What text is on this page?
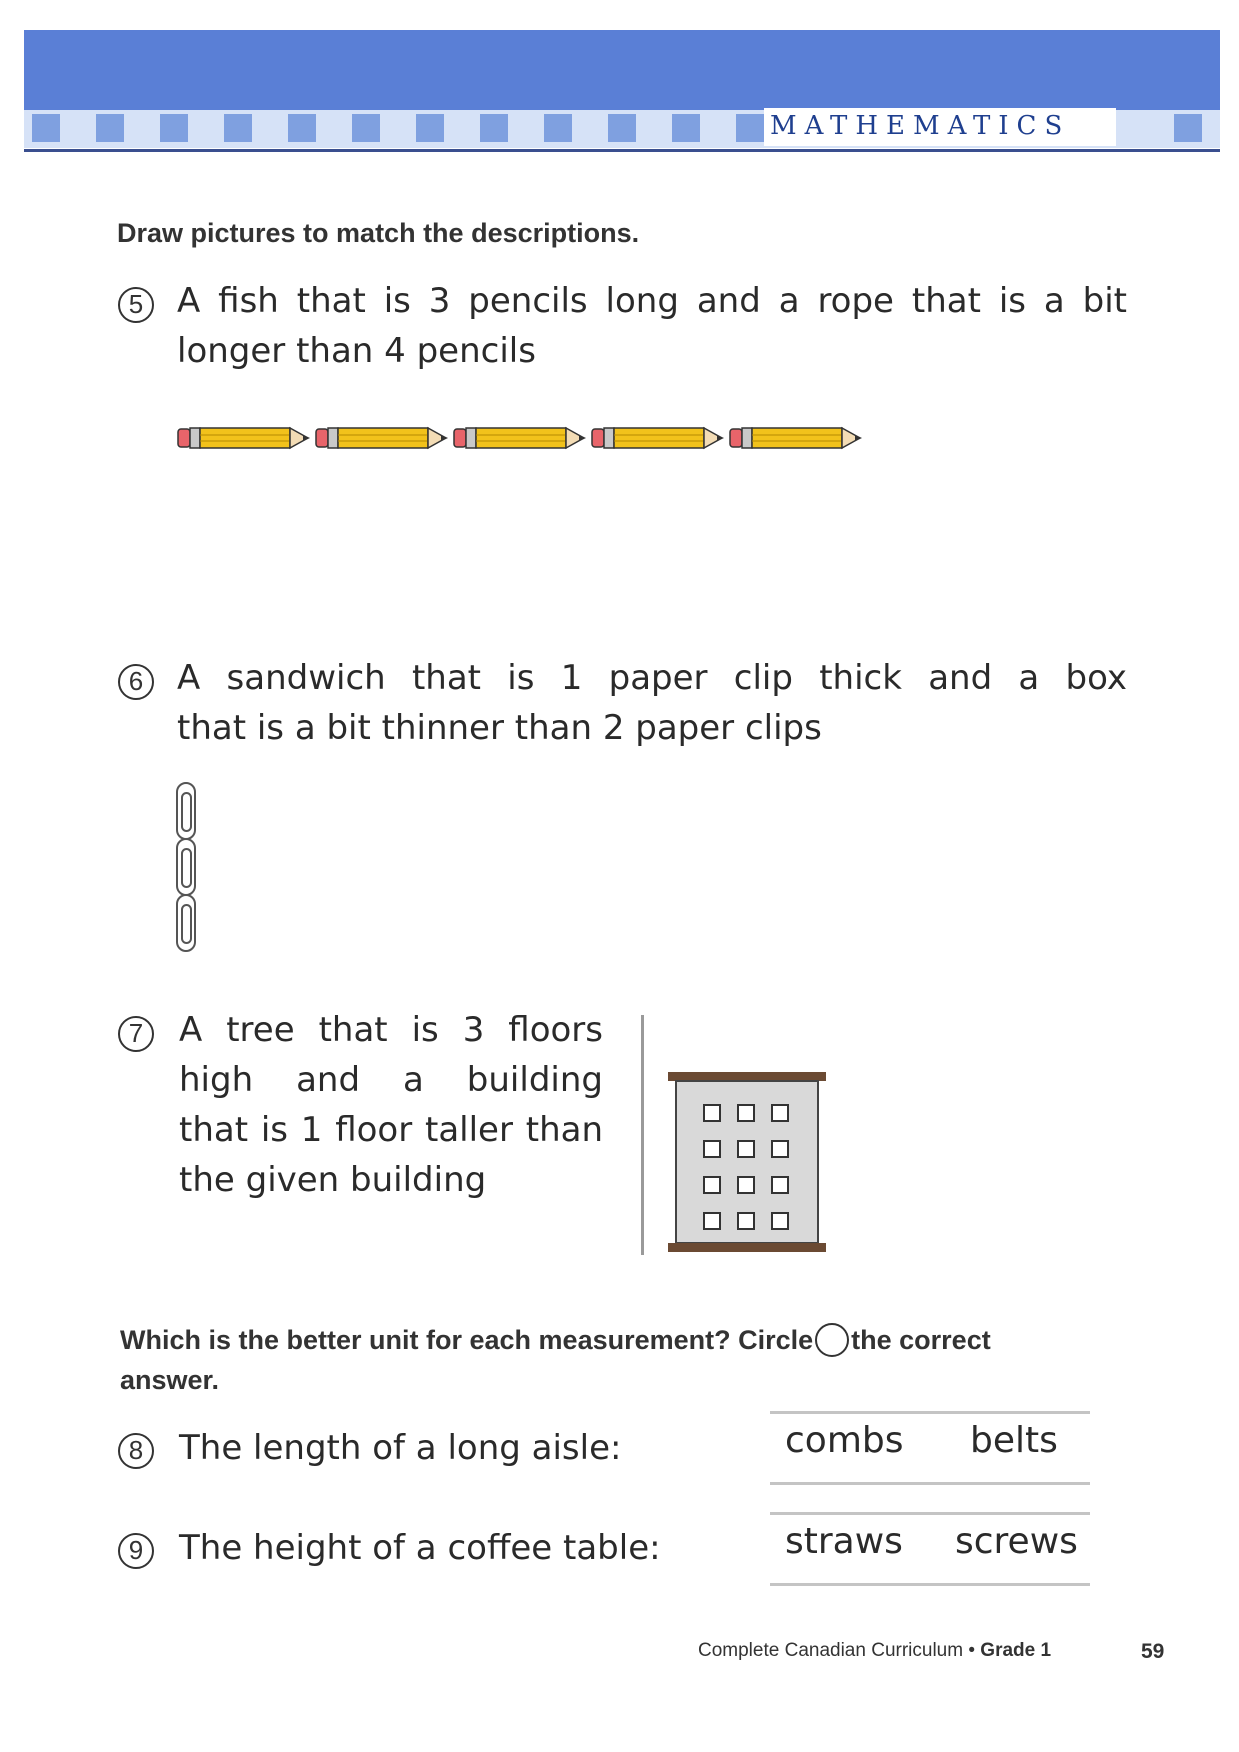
MATHEMATICS
Draw pictures to match the descriptions.
5 A fish that is 3 pencils long and a rope that is a bit
longer than 4 pencils
6 A sandwich that is 1 paper clip thick and a box
that is a bit thinner than 2 paper clips
7	A tree that is 3 floors
high and a building
that is 1 floor taller than
the given building
Which is the better unit for each measurement? Circle the correct
answer.
8	The length of a long aisle:	combs belts
9	The height of a coffee table:	straws screws
Complete Canadian Curriculum • Grade 1	59
